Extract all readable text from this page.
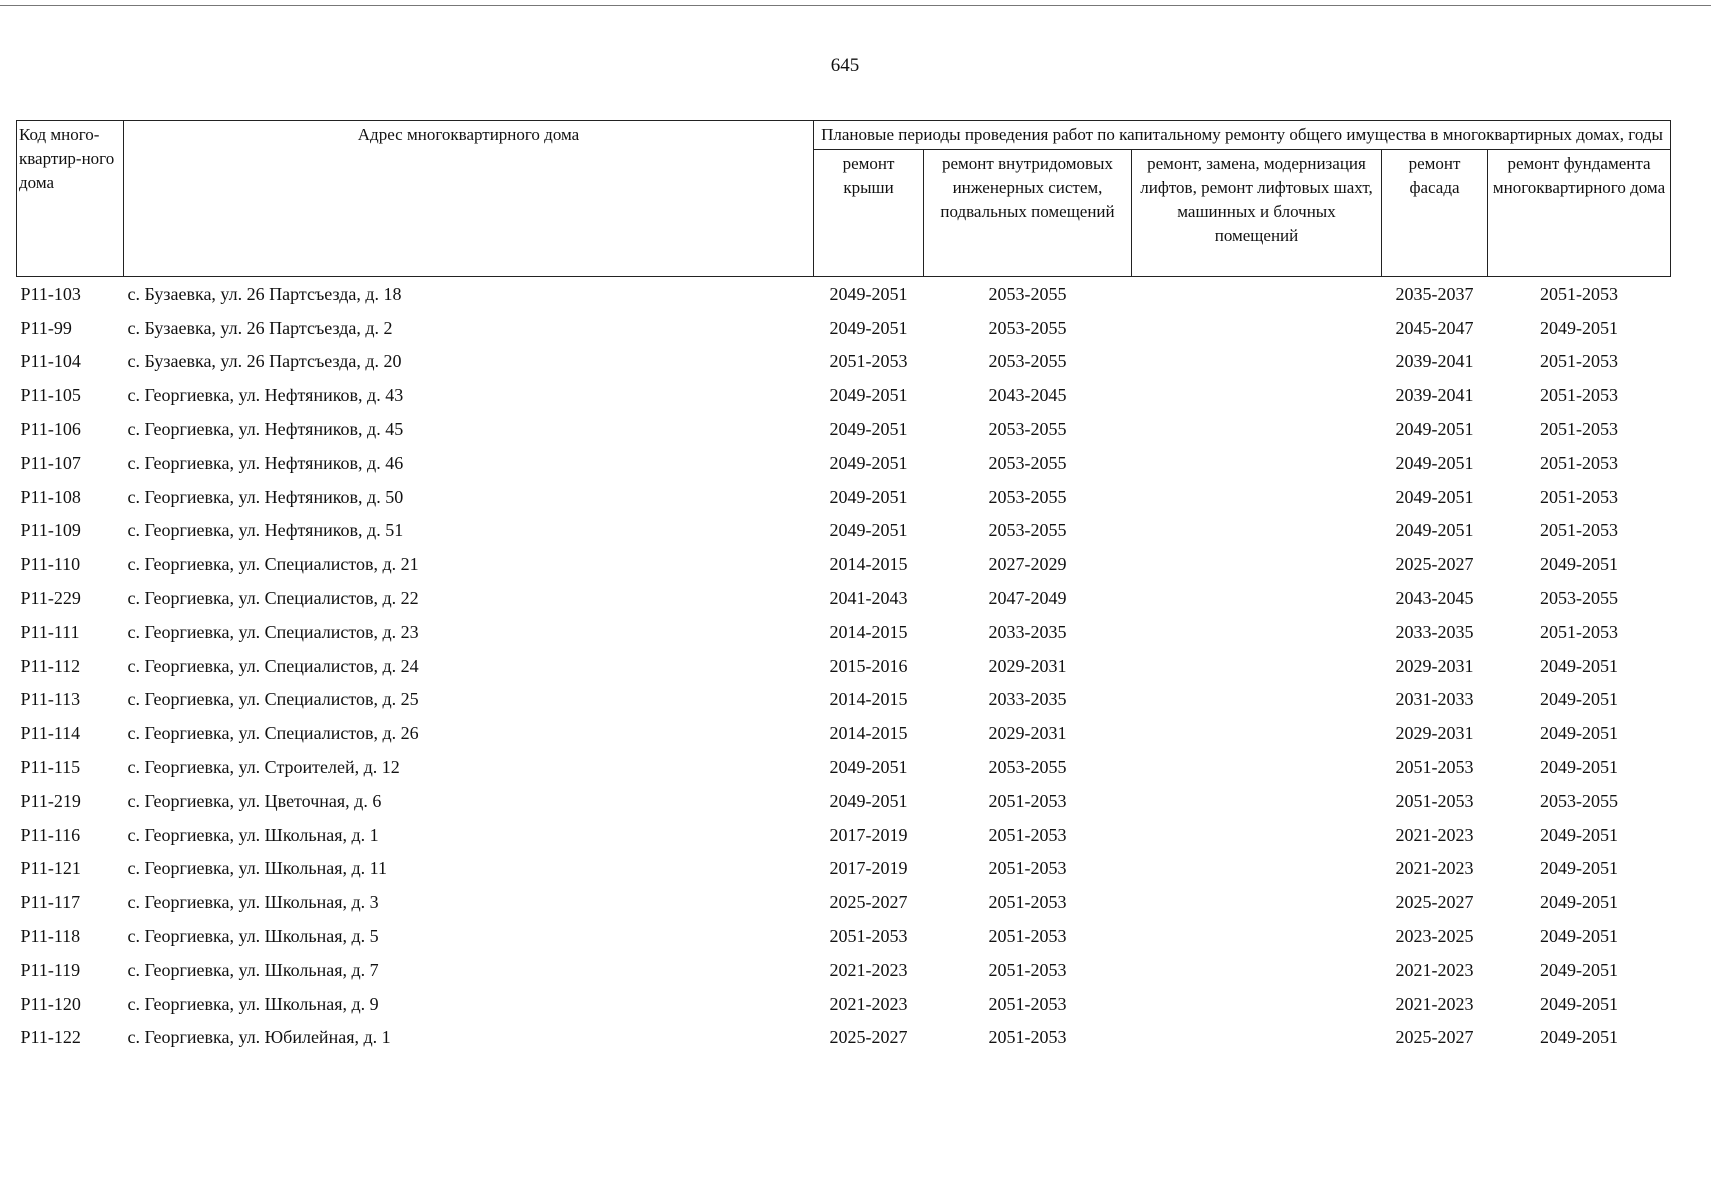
645
Код много-квартир-ного дома	Адрес многоквартирного дома	Плановые периоды проведения работ по капитальному ремонту общего имущества в многоквартирных домах, годы				
		ремонт крыши	ремонт внутридомовых инженерных систем, подвальных помещений	ремонт, замена, модернизация лифтов, ремонт лифтовых шахт, машинных и блочных помещений	ремонт фасада	ремонт фундамента многоквартирного дома
Р11-103	с. Бузаевка, ул. 26 Партсъезда, д. 18	2049-2051	2053-2055		2035-2037	2051-2053
Р11-99	с. Бузаевка, ул. 26 Партсъезда, д. 2	2049-2051	2053-2055		2045-2047	2049-2051
Р11-104	с. Бузаевка, ул. 26 Партсъезда, д. 20	2051-2053	2053-2055		2039-2041	2051-2053
Р11-105	с. Георгиевка, ул. Нефтяников, д. 43	2049-2051	2043-2045		2039-2041	2051-2053
Р11-106	с. Георгиевка, ул. Нефтяников, д. 45	2049-2051	2053-2055		2049-2051	2051-2053
Р11-107	с. Георгиевка, ул. Нефтяников, д. 46	2049-2051	2053-2055		2049-2051	2051-2053
Р11-108	с. Георгиевка, ул. Нефтяников, д. 50	2049-2051	2053-2055		2049-2051	2051-2053
Р11-109	с. Георгиевка, ул. Нефтяников, д. 51	2049-2051	2053-2055		2049-2051	2051-2053
Р11-110	с. Георгиевка, ул. Специалистов, д. 21	2014-2015	2027-2029		2025-2027	2049-2051
Р11-229	с. Георгиевка, ул. Специалистов, д. 22	2041-2043	2047-2049		2043-2045	2053-2055
Р11-111	с. Георгиевка, ул. Специалистов, д. 23	2014-2015	2033-2035		2033-2035	2051-2053
Р11-112	с. Георгиевка, ул. Специалистов, д. 24	2015-2016	2029-2031		2029-2031	2049-2051
Р11-113	с. Георгиевка, ул. Специалистов, д. 25	2014-2015	2033-2035		2031-2033	2049-2051
Р11-114	с. Георгиевка, ул. Специалистов, д. 26	2014-2015	2029-2031		2029-2031	2049-2051
Р11-115	с. Георгиевка, ул. Строителей, д. 12	2049-2051	2053-2055		2051-2053	2049-2051
Р11-219	с. Георгиевка, ул. Цветочная, д. 6	2049-2051	2051-2053		2051-2053	2053-2055
Р11-116	с. Георгиевка, ул. Школьная, д. 1	2017-2019	2051-2053		2021-2023	2049-2051
Р11-121	с. Георгиевка, ул. Школьная, д. 11	2017-2019	2051-2053		2021-2023	2049-2051
Р11-117	с. Георгиевка, ул. Школьная, д. 3	2025-2027	2051-2053		2025-2027	2049-2051
Р11-118	с. Георгиевка, ул. Школьная, д. 5	2051-2053	2051-2053		2023-2025	2049-2051
Р11-119	с. Георгиевка, ул. Школьная, д. 7	2021-2023	2051-2053		2021-2023	2049-2051
Р11-120	с. Георгиевка, ул. Школьная, д. 9	2021-2023	2051-2053		2021-2023	2049-2051
Р11-122	с. Георгиевка, ул. Юбилейная, д. 1	2025-2027	2051-2053		2025-2027	2049-2051
